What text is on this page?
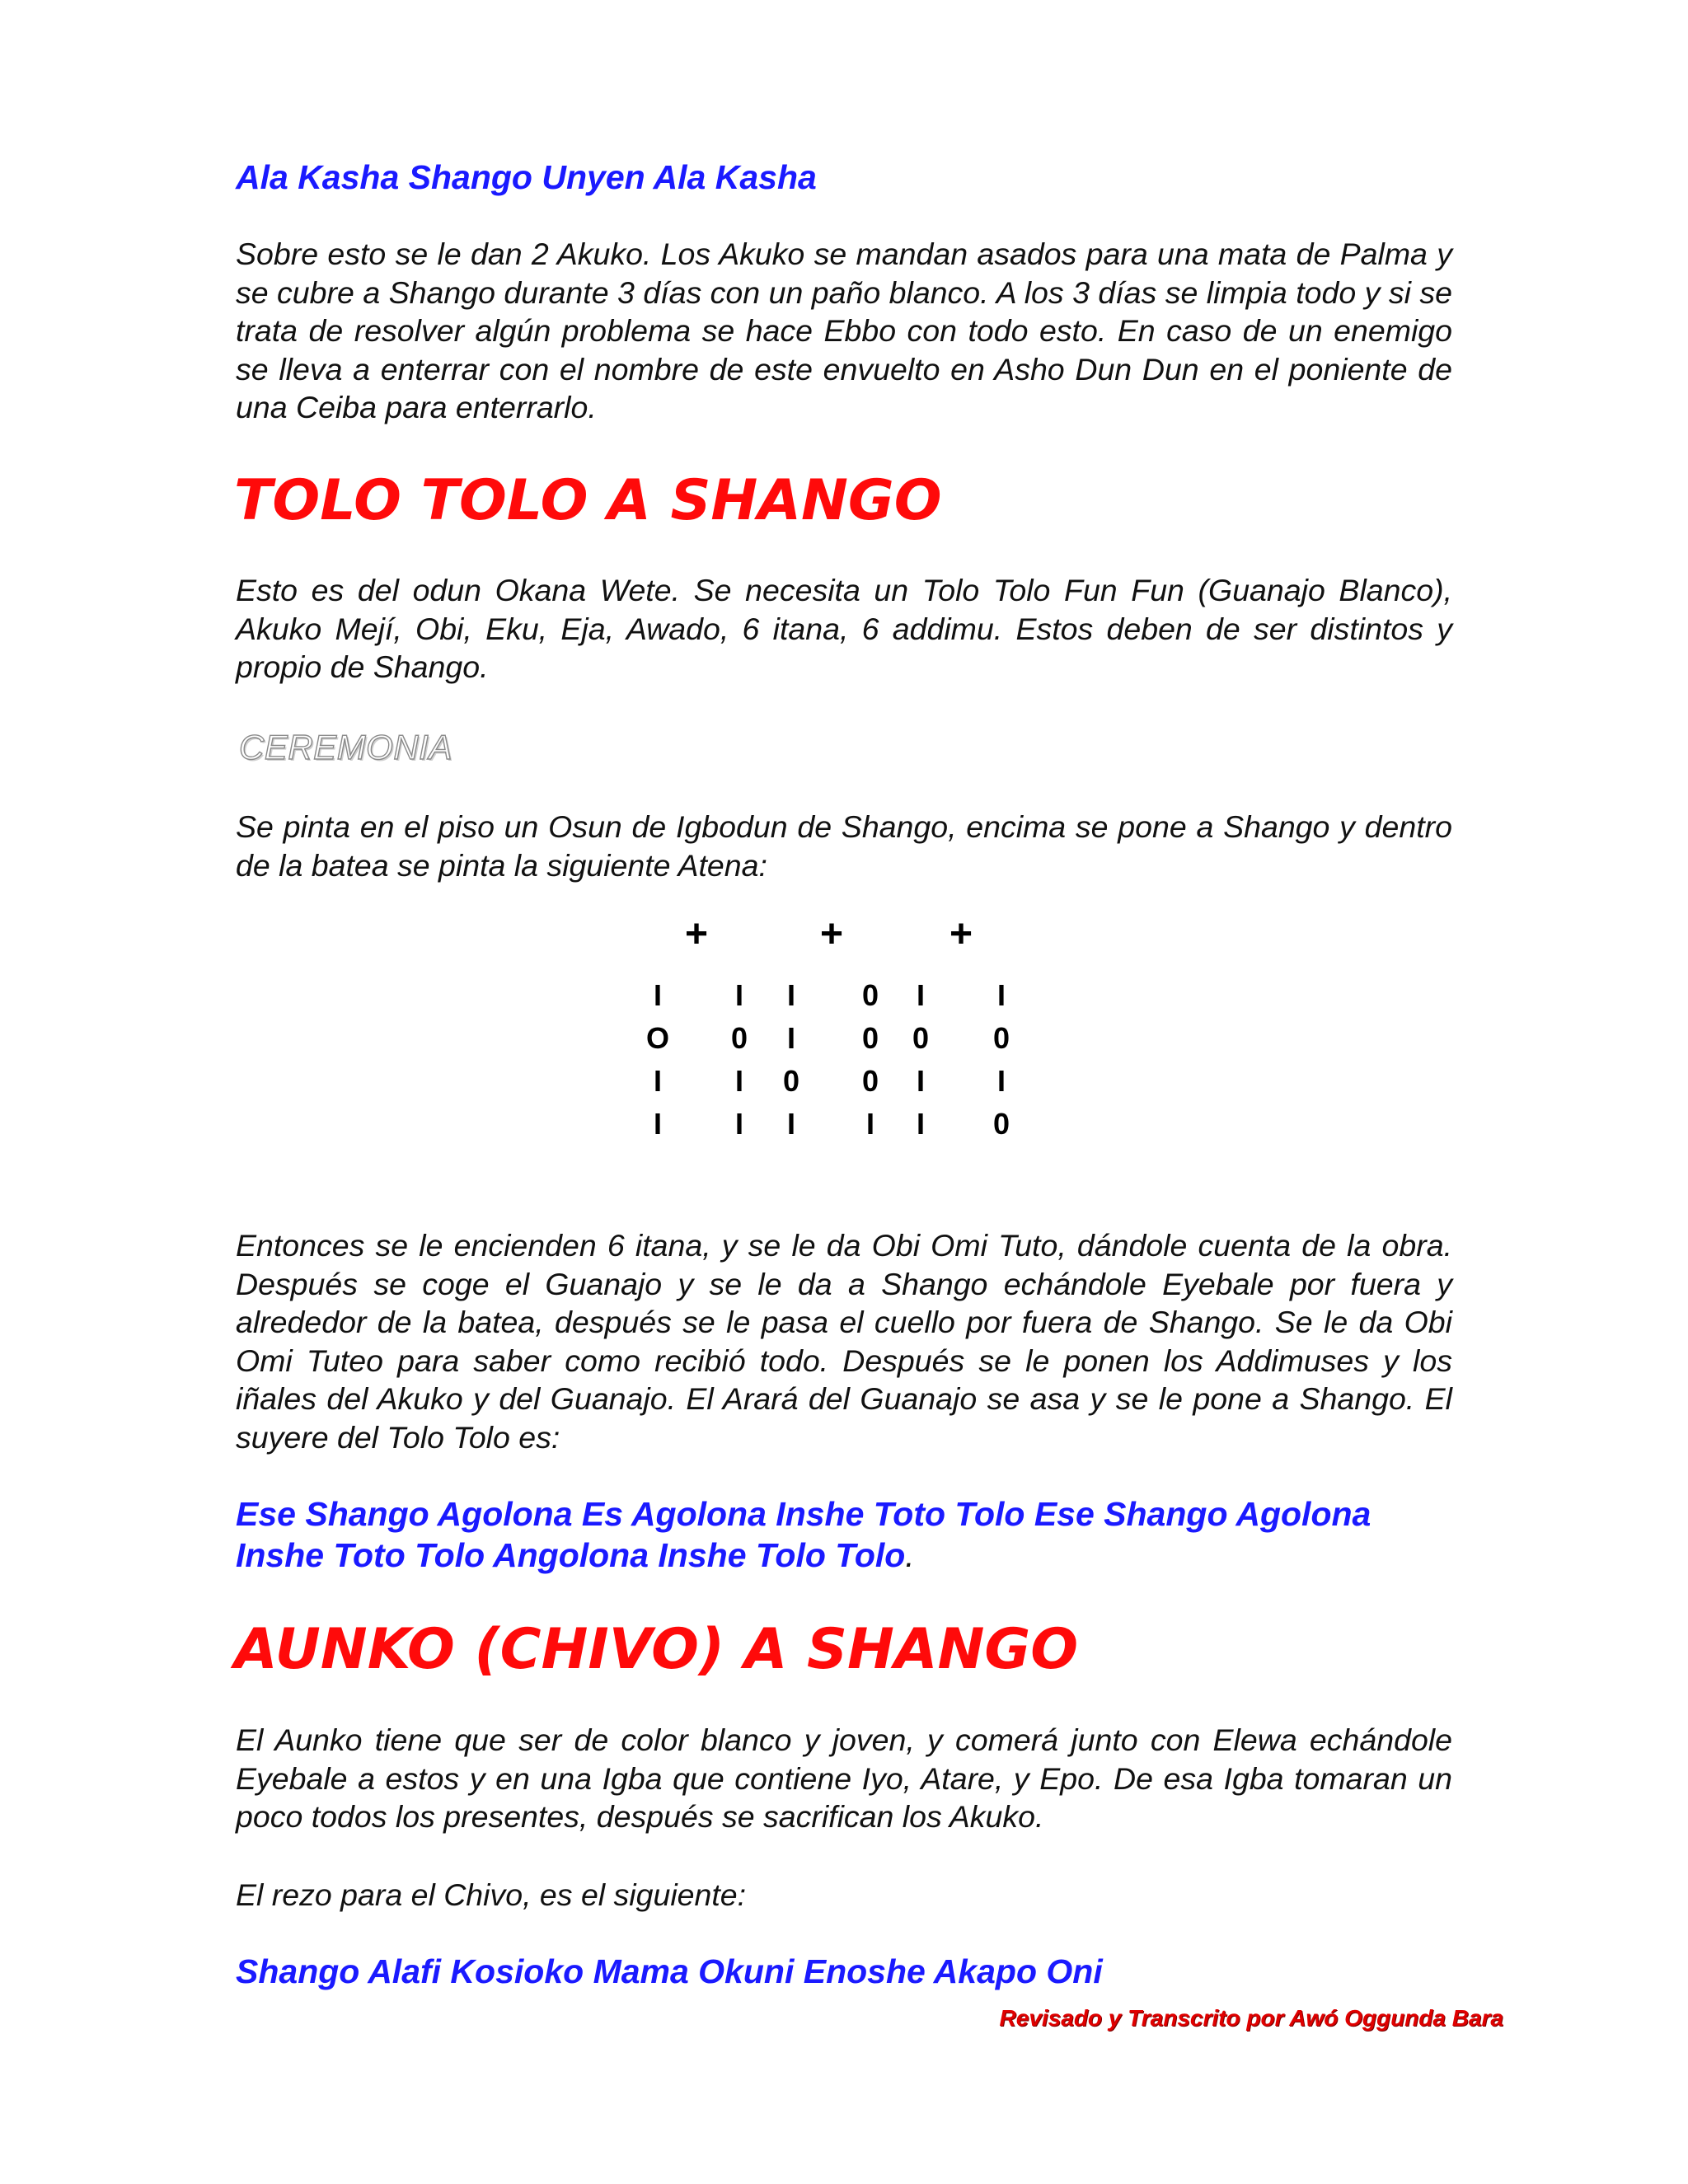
Ala Kasha Shango Unyen Ala Kasha

Sobre esto se le dan 2 Akuko. Los Akuko se mandan asados para una mata de Palma y se cubre a Shango durante 3 días con un paño blanco. A los 3 días se limpia todo y si se trata de resolver algún problema se hace Ebbo con todo esto. En caso de un enemigo se lleva a enterrar con el nombre de este envuelto en Asho Dun Dun en el poniente de una Ceiba para enterrarlo.

TOLO TOLO A SHANGO

Esto es del odun Okana Wete. Se necesita un Tolo Tolo Fun Fun (Guanajo Blanco), Akuko Mejí, Obi, Eku, Eja, Awado, 6 itana, 6 addimu. Estos deben de ser distintos y propio de Shango.

CEREMONIA

Se pinta en el piso un Osun de Igbodun de Shango, encima se pone a Shango y dentro de la batea se pinta la siguiente Atena:

+	+	+
I I I 0 I I
O 0 I 0 0 0
I I 0 0 I I
I I I I I 0

Entonces se le encienden 6 itana, y se le da Obi Omi Tuto, dándole cuenta de la obra. Después se coge el Guanajo y se le da a Shango echándole Eyebale por fuera y alrededor de la batea, después se le pasa el cuello por fuera de Shango. Se le da Obi Omi Tuteo para saber como recibió todo. Después se le ponen los Addimuses y los iñales del Akuko y del Guanajo. El Arará del Guanajo se asa y se le pone a Shango. El suyere del Tolo Tolo es:

Ese Shango Agolona Es Agolona Inshe Toto Tolo Ese Shango Agolona
Inshe Toto Tolo Angolona Inshe Tolo Tolo.

AUNKO (CHIVO) A SHANGO

El Aunko tiene que ser de color blanco y joven, y comerá junto con Elewa echándole Eyebale a estos y en una Igba que contiene Iyo, Atare, y Epo. De esa Igba tomaran un poco todos los presentes, después se sacrifican los Akuko.

El rezo para el Chivo, es el siguiente:

Shango Alafi Kosioko Mama Okuni Enoshe Akapo Oni

Revisado y Transcrito por Awó Oggunda Bara
